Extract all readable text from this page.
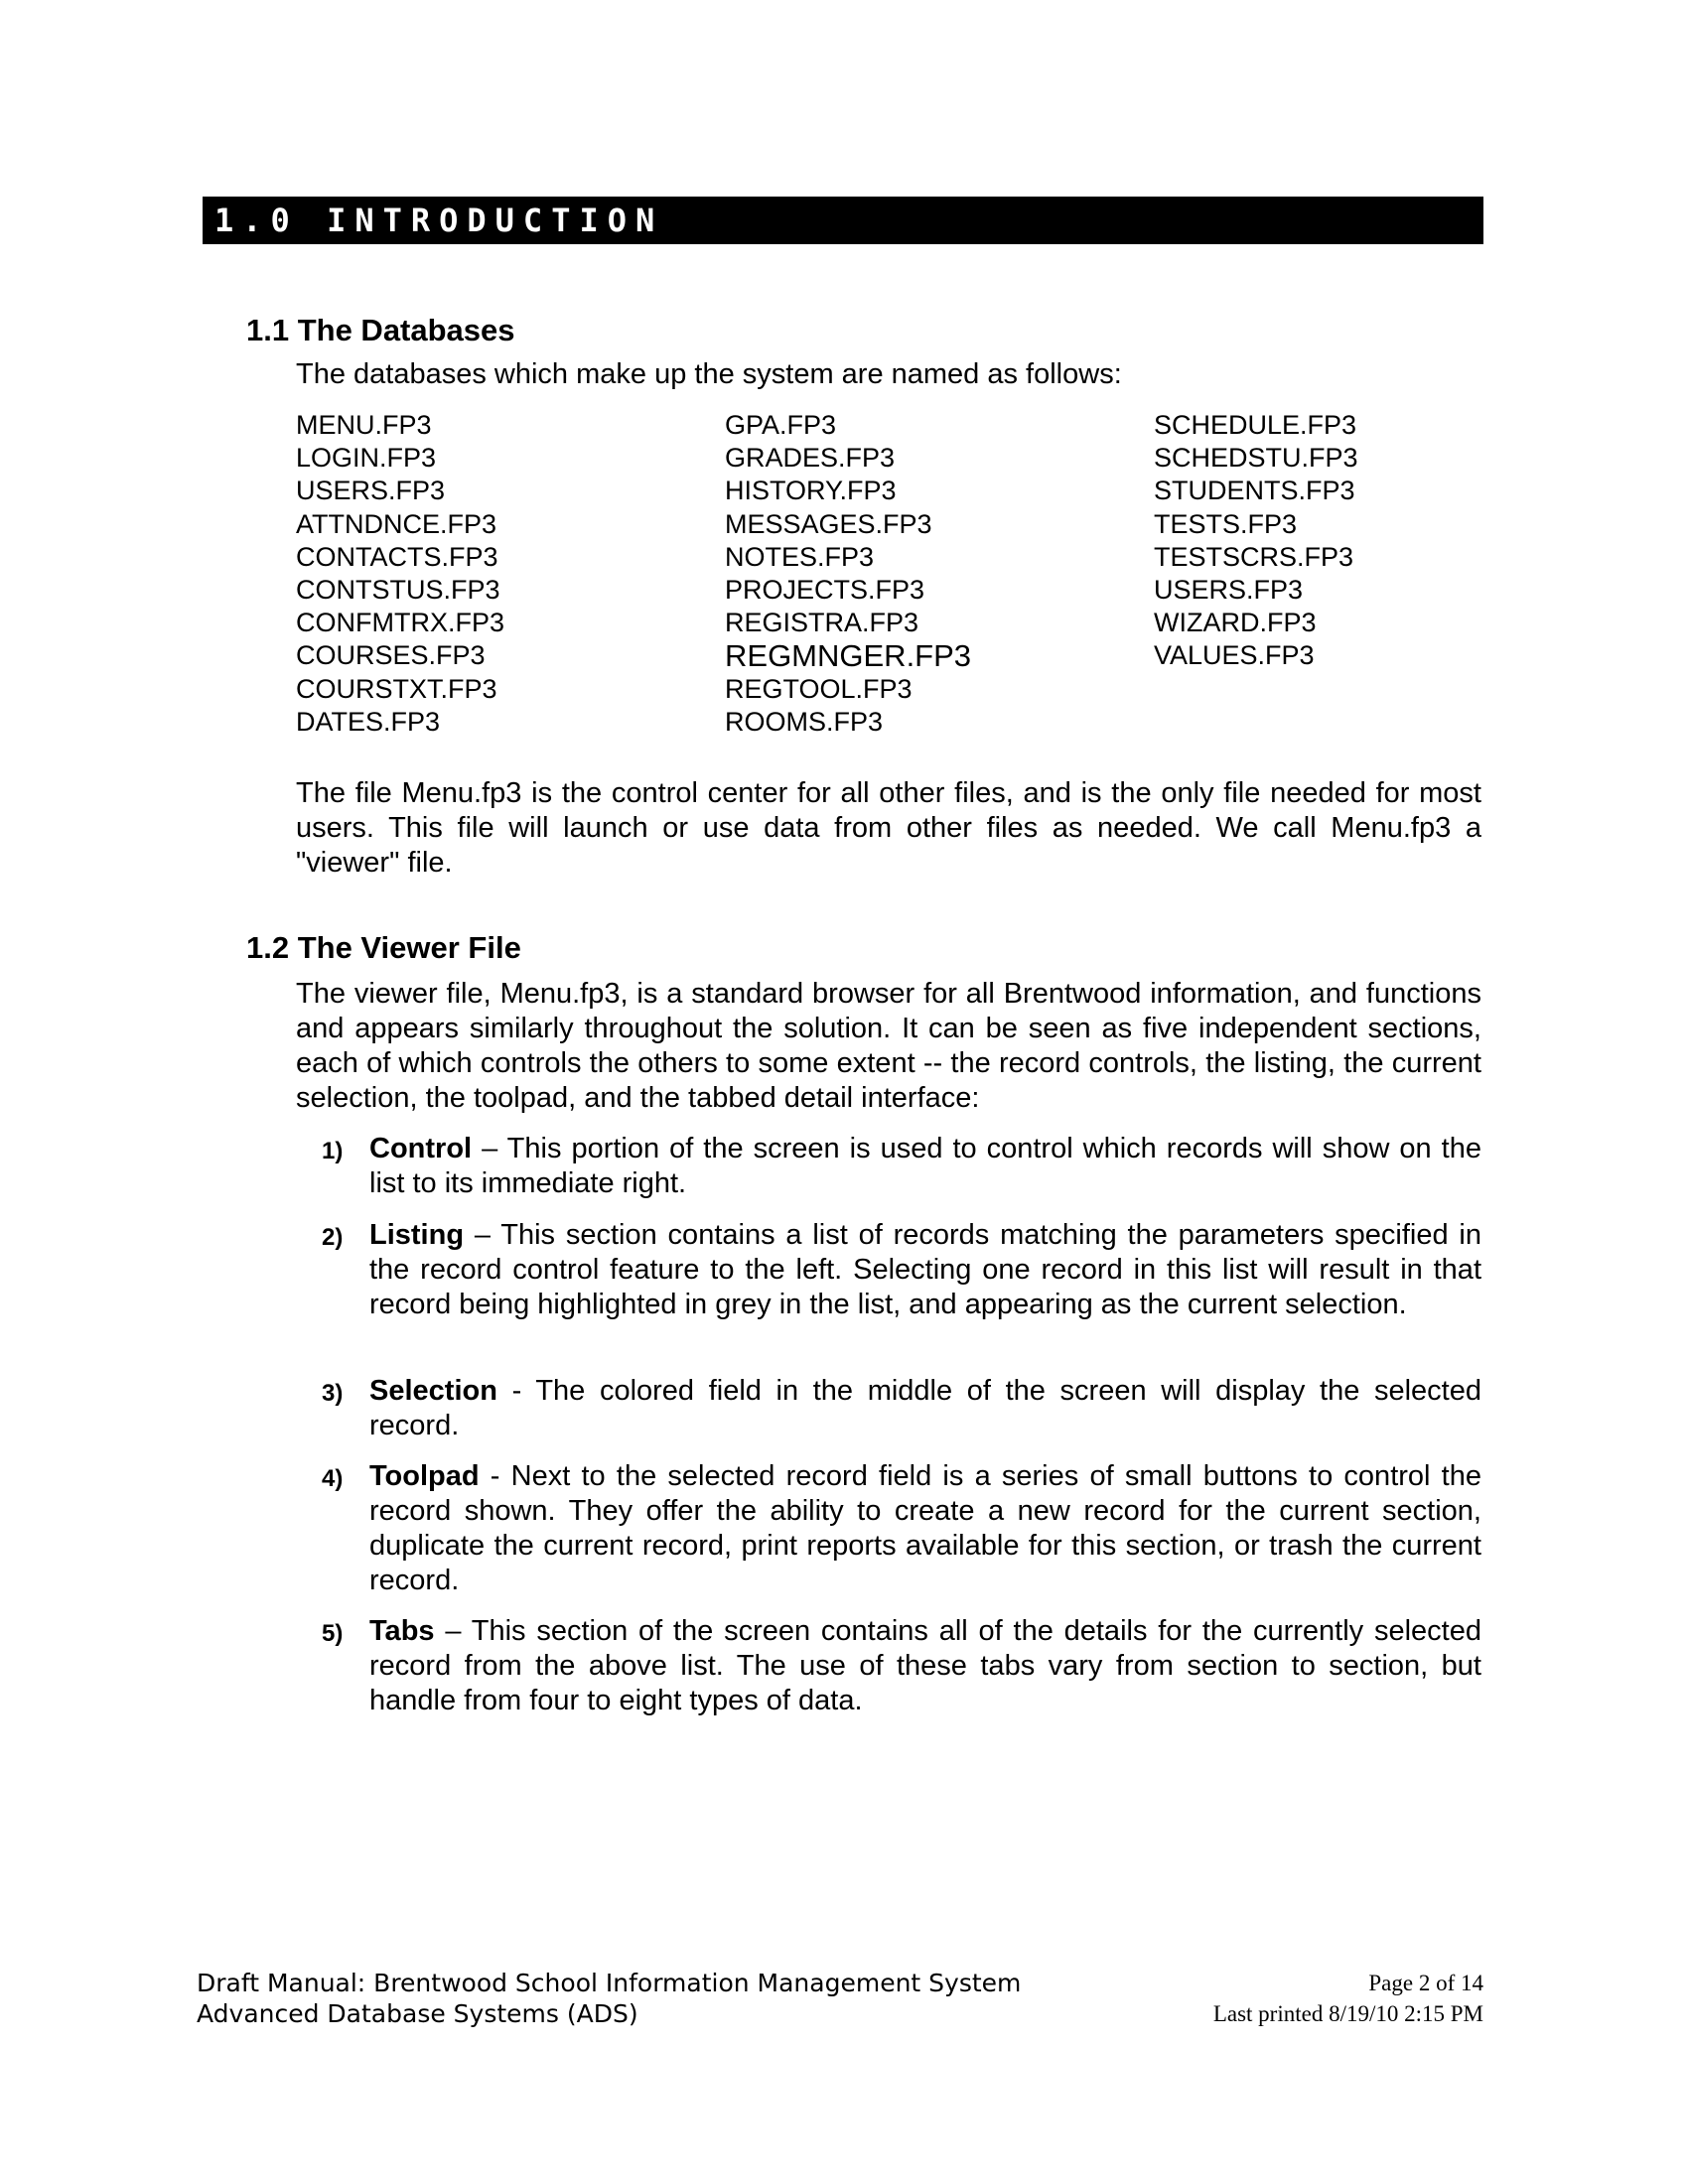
1.0 INTRODUCTION
1.1 The Databases
The databases which make up the system are named as follows:
MENU.FP3
LOGIN.FP3
USERS.FP3
ATTNDNCE.FP3
CONTACTS.FP3
CONTSTUS.FP3
CONFMTRX.FP3
COURSES.FP3
COURSTXT.FP3
DATES.FP3
GPA.FP3
GRADES.FP3
HISTORY.FP3
MESSAGES.FP3
NOTES.FP3
PROJECTS.FP3
REGISTRA.FP3
REGMNGER.FP3
REGTOOL.FP3
ROOMS.FP3
SCHEDULE.FP3
SCHEDSTU.FP3
STUDENTS.FP3
TESTS.FP3
TESTSCRS.FP3
USERS.FP3
WIZARD.FP3
VALUES.FP3
The file Menu.fp3 is the control center for all other files, and is the only file needed for most users. This file will launch or use data from other files as needed. We call Menu.fp3 a "viewer" file.
1.2 The Viewer File
The viewer file, Menu.fp3, is a standard browser for all Brentwood information, and functions and appears similarly throughout the solution. It can be seen as five independent sections, each of which controls the others to some extent -- the record controls, the listing, the current selection, the toolpad, and the tabbed detail interface:
1) Control – This portion of the screen is used to control which records will show on the list to its immediate right.
2) Listing – This section contains a list of records matching the parameters specified in the record control feature to the left. Selecting one record in this list will result in that record being highlighted in grey in the list, and appearing as the current selection.
3) Selection - The colored field in the middle of the screen will display the selected record.
4) Toolpad - Next to the selected record field is a series of small buttons to control the record shown. They offer the ability to create a new record for the current section, duplicate the current record, print reports available for this section, or trash the current record.
5) Tabs – This section of the screen contains all of the details for the currently selected record from the above list. The use of these tabs vary from section to section, but handle from four to eight types of data.
Draft Manual: Brentwood School Information Management System
Advanced Database Systems (ADS)
Page 2 of 14
Last printed 8/19/10 2:15 PM
